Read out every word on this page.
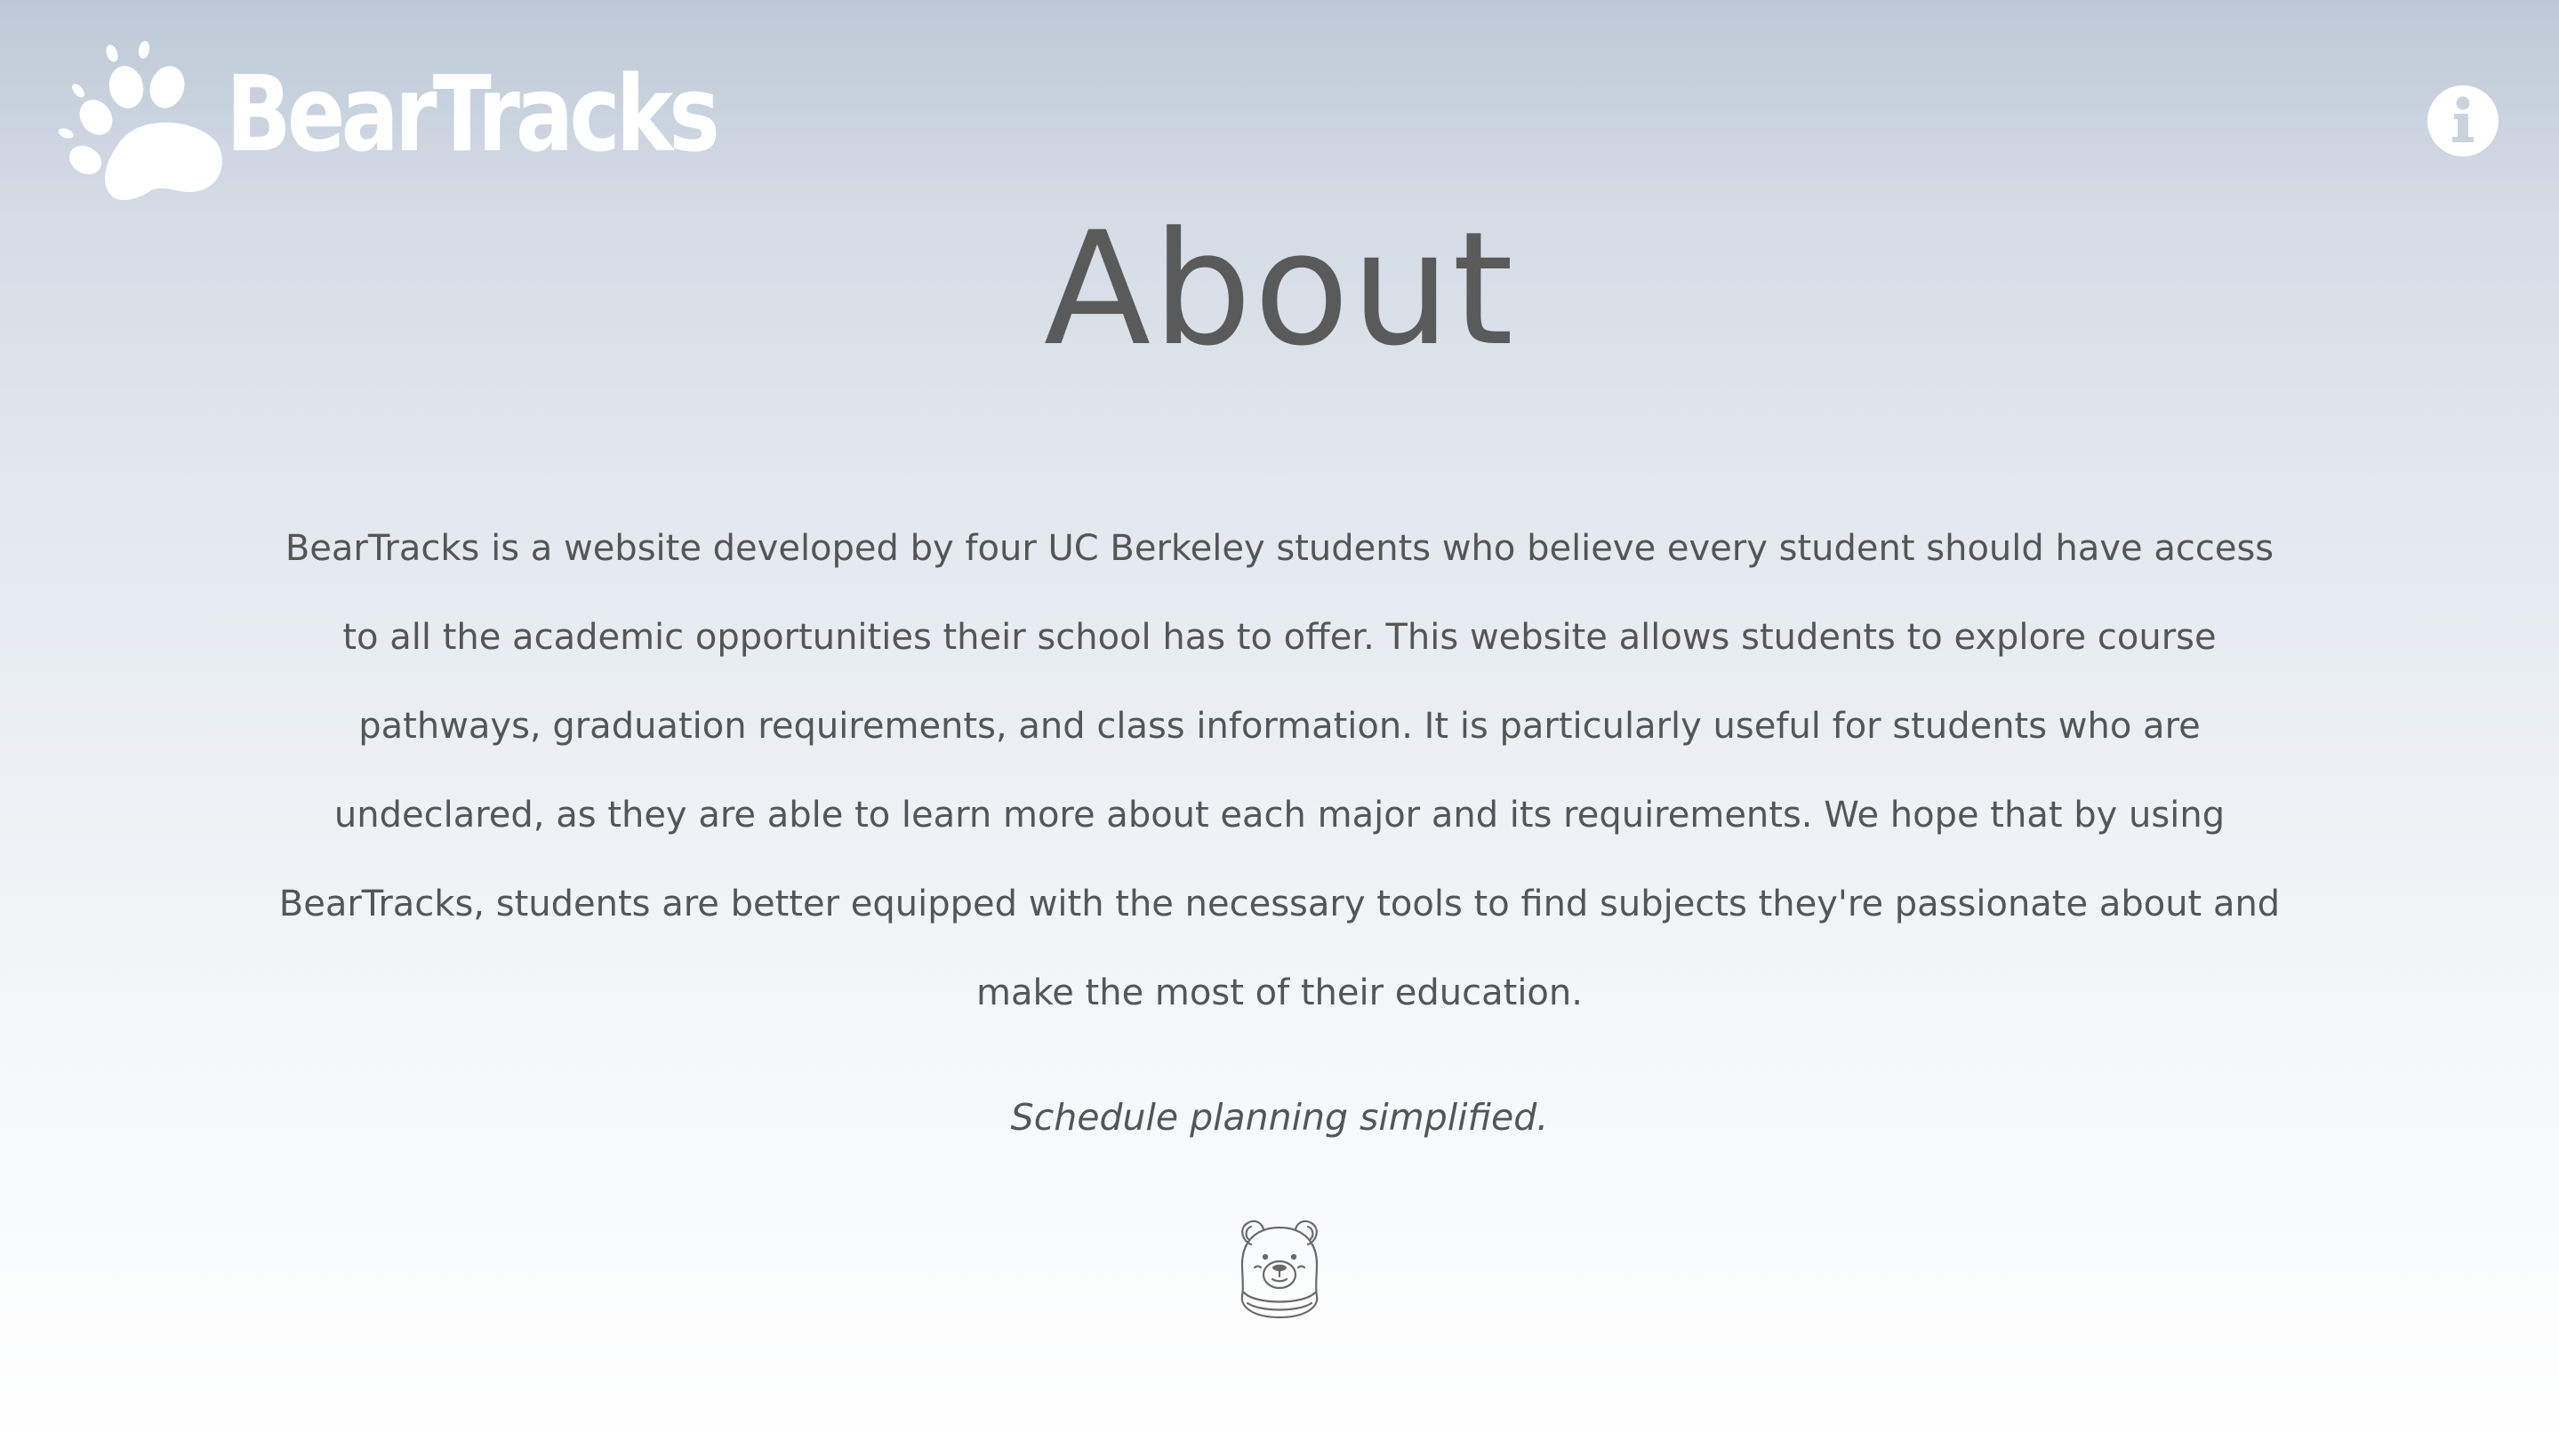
BearTracks
About

BearTracks is a website developed by four UC Berkeley students who believe every student should have access to all the academic opportunities their school has to offer. This website allows students to explore course pathways, graduation requirements, and class information. It is particularly useful for students who are undeclared, as they are able to learn more about each major and its requirements. We hope that by using BearTracks, students are better equipped with the necessary tools to find subjects they're passionate about and make the most of their education.

Schedule planning simplified.
